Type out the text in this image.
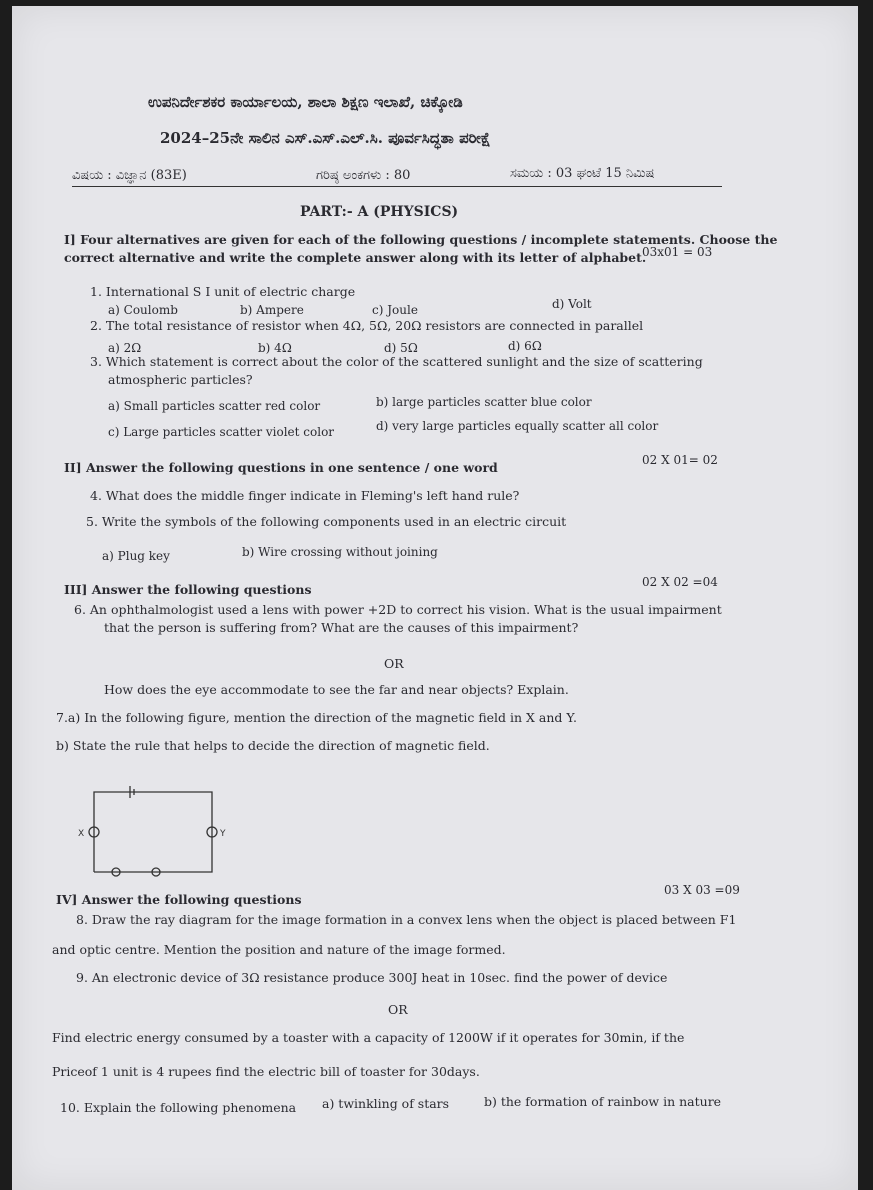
ಉಪನಿರ್ದೇಶಕರ ಕಾರ್ಯಾಲಯ, ಶಾಲಾ ಶಿಕ್ಷಣ ಇಲಾಖೆ, ಚಿಕ್ಕೋಡಿ
2024–25ನೇ ಸಾಲಿನ ಎಸ್.ಎಸ್.ಎಲ್.ಸಿ. ಪೂರ್ವಸಿದ್ಧತಾ ಪರೀಕ್ಷೆ
ವಿಷಯ : ವಿಜ್ಞಾನ (83E)	ಗರಿಷ್ಠ ಅಂಕಗಳು : 80	ಸಮಯ : 03 ಘಂಟೆ 15 ನಿಮಿಷ
PART:- A (PHYSICS)
I] Four alternatives are given for each of the following questions / incomplete statements. Choose the
correct alternative and write the complete answer along with its letter of alphabet.
03x01 = 03
1. International S I unit of electric charge
a) Coulomb	b) Ampere	c) Joule	d) Volt
2. The total resistance of resistor when 4Ω, 5Ω, 20Ω resistors are connected in parallel
a) 2Ω	b) 4Ω	d) 5Ω	d) 6Ω
3. Which statement is correct about the color of the scattered sunlight and the size of scattering
atmospheric particles?
a) Small particles scatter red color	b) large particles scatter blue color
c) Large particles scatter violet color	d) very large particles equally scatter all color
II] Answer the following questions in one sentence / one word	02 X 01= 02
4. What does the middle finger indicate in Fleming's left hand rule?
5. Write the symbols of the following components used in an electric circuit
a) Plug key	b) Wire crossing without joining
III] Answer the following questions	02 X 02 =04
6. An ophthalmologist used a lens with power +2D to correct his vision. What is the usual impairment
that the person is suffering from? What are the causes of this impairment?
OR
How does the eye accommodate to see the far and near objects? Explain.
7.a) In the following figure, mention the direction of the magnetic field in X and Y.
b) State the rule that helps to decide the direction of magnetic field.
X	Y
IV] Answer the following questions
03 X 03 =09
8. Draw the ray diagram for the image formation in a convex lens when the object is placed between F1
and optic centre. Mention the position and nature of the image formed.
9. An electronic device of 3Ω resistance produce 300J heat in 10sec. find the power of device
OR
Find electric energy consumed by a toaster with a capacity of 1200W if it operates for 30min, if the
Priceof 1 unit is 4 rupees find the electric bill of toaster for 30days.
10. Explain the following phenomena a) twinkling of stars	b) the formation of rainbow in nature
